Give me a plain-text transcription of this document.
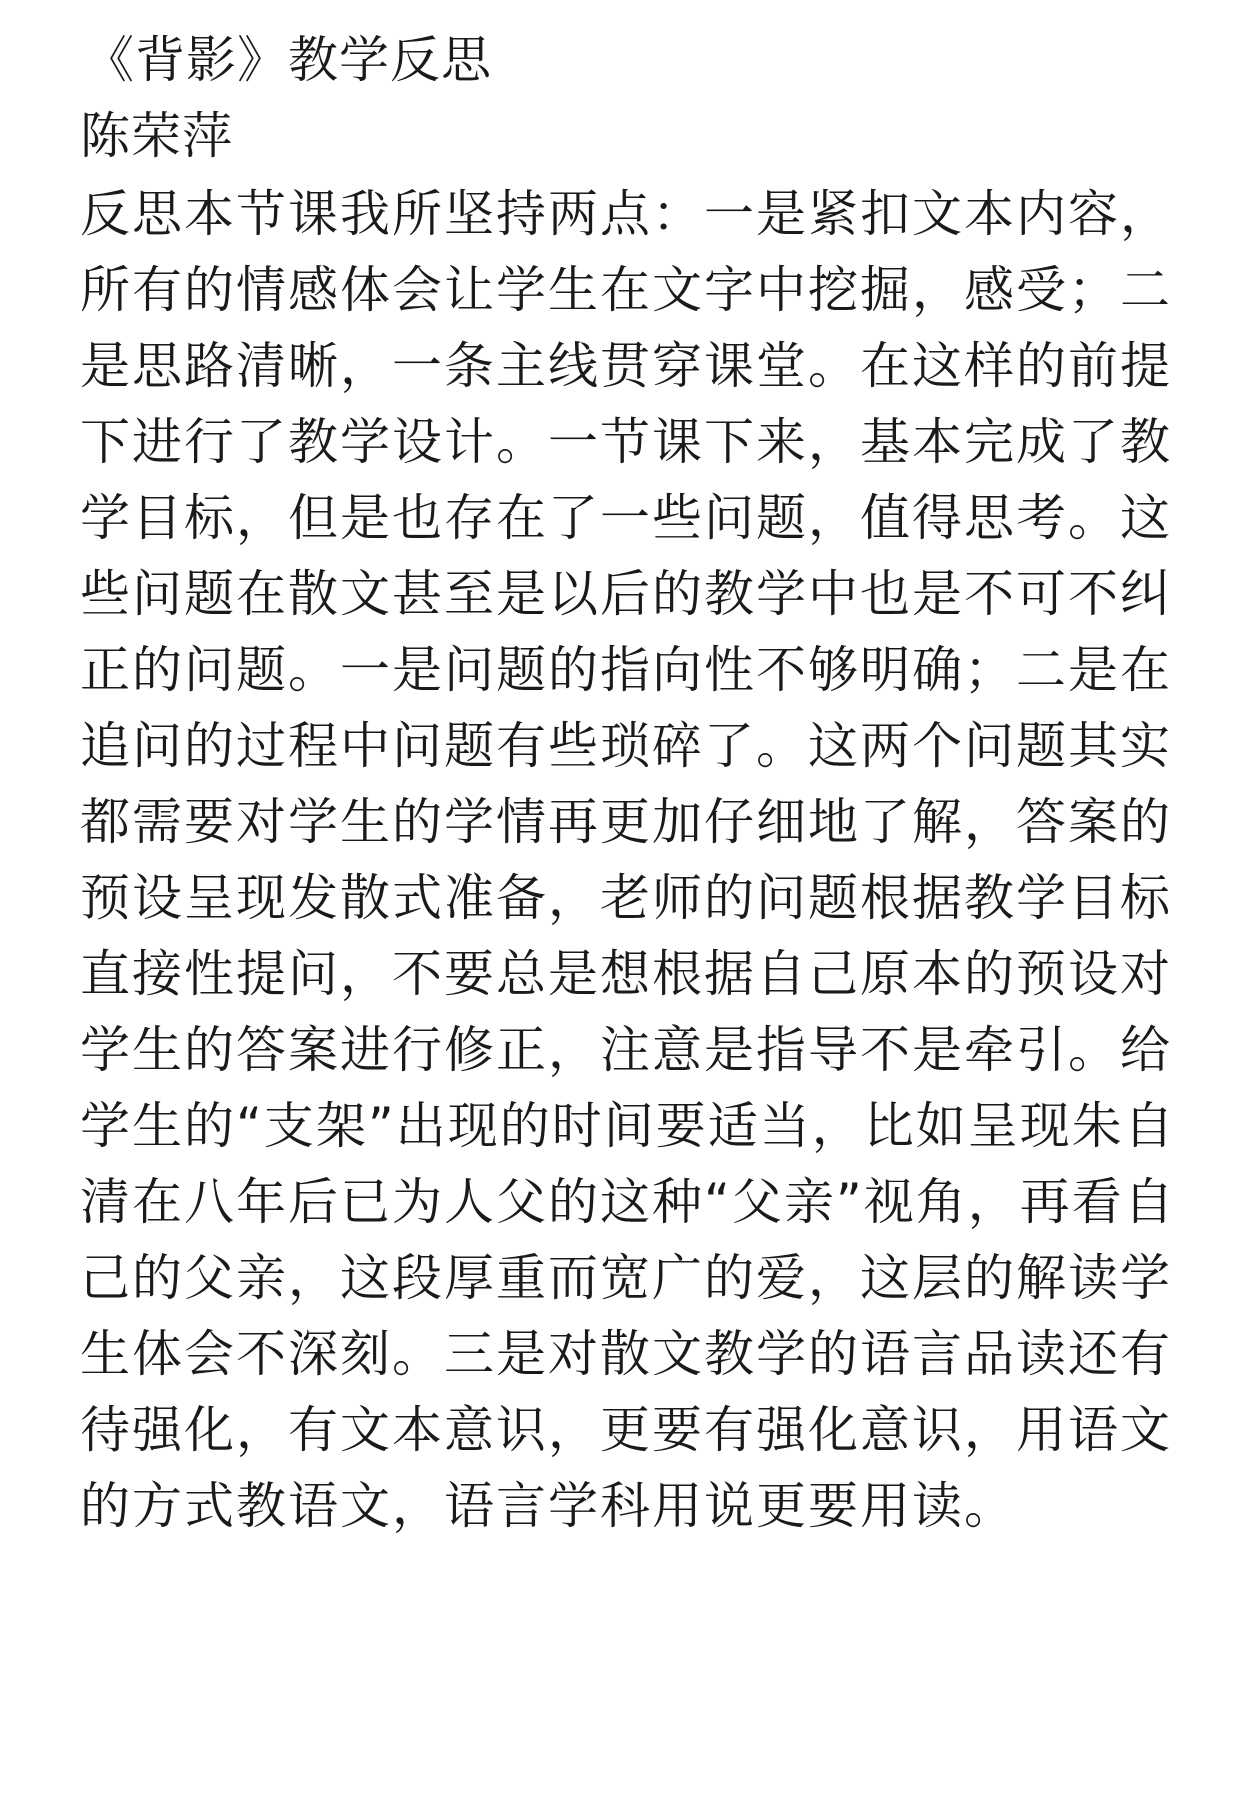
《背影》教学反思
陈荣萍
反思本节课我所坚持两点：一是紧扣文本内容，
所有的情感体会让学生在文字中挖掘，感受；二
是思路清晰，一条主线贯穿课堂。在这样的前提
下进行了教学设计。一节课下来，基本完成了教
学目标，但是也存在了一些问题，值得思考。这
些问题在散文甚至是以后的教学中也是不可不纠
正的问题。一是问题的指向性不够明确；二是在
追问的过程中问题有些琐碎了。这两个问题其实
都需要对学生的学情再更加仔细地了解，答案的
预设呈现发散式准备，老师的问题根据教学目标
直接性提问，不要总是想根据自己原本的预设对
学生的答案进行修正，注意是指导不是牵引。给
学生的“支架”出现的时间要适当，比如呈现朱自
清在八年后已为人父的这种“父亲”视角，再看自
己的父亲，这段厚重而宽广的爱，这层的解读学
生体会不深刻。三是对散文教学的语言品读还有
待强化，有文本意识，更要有强化意识，用语文
的方式教语文，语言学科用说更要用读。
